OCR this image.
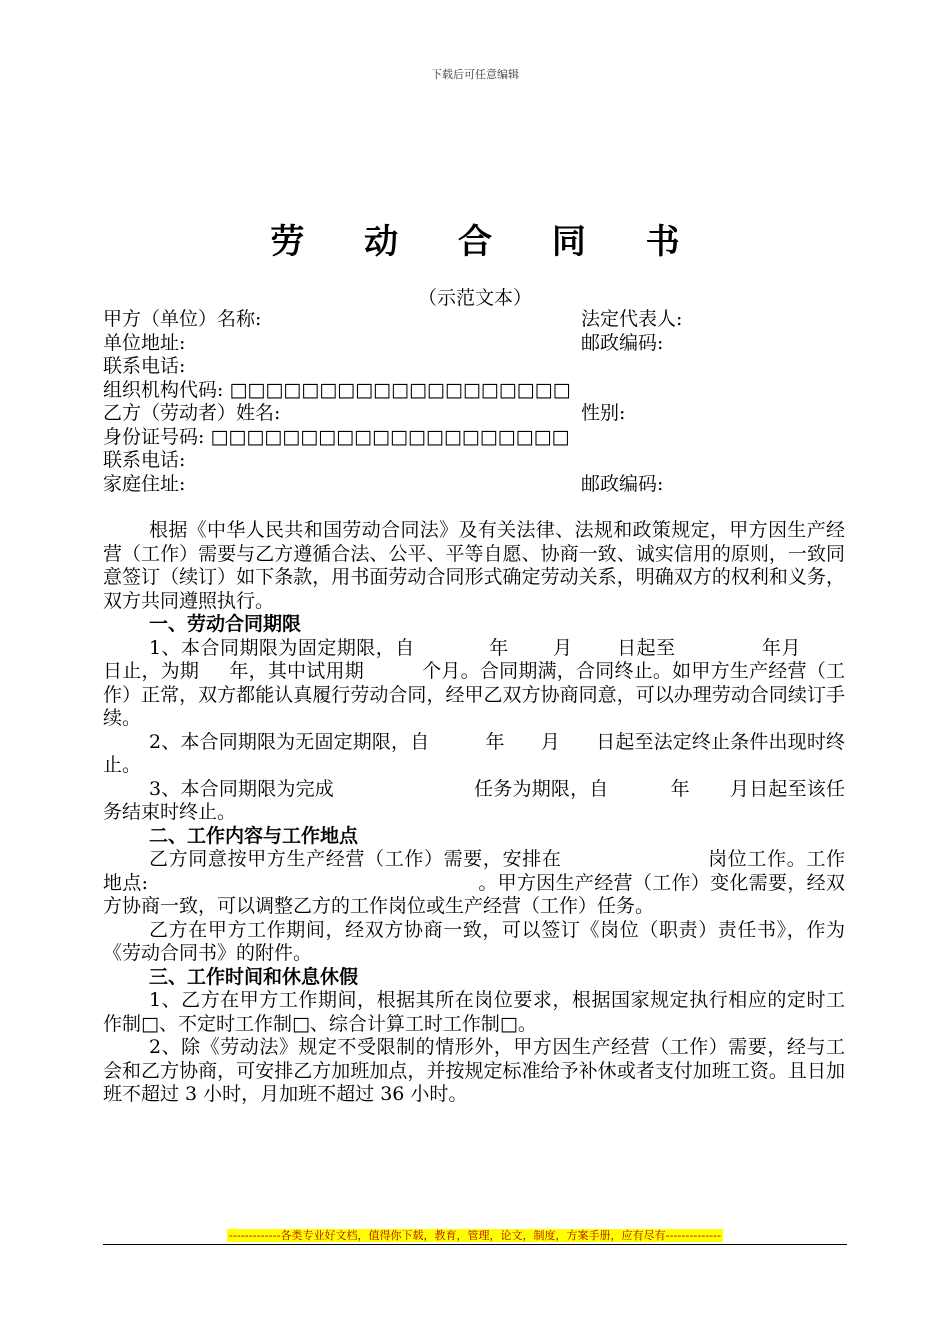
下载后可任意编辑
劳 动 合 同 书
（示范文本）
甲方（单位）名称:	法定代表人:
单位地址:	邮政编码:
联系电话:
组织机构代码: □□□□□□□□□□□□□□□□□□□
乙方（劳动者）姓名:	性别:
身份证号码: □□□□□□□□□□□□□□□□□□□□
联系电话:
家庭住址:	邮政编码:
根据《中华人民共和国劳动合同法》及有关法律、法规和政策规定，甲方因生产经营（工作）需要与乙方遵循合法、公平、平等自愿、协商一致、诚实信用的原则，一致同意签订（续订）如下条款，用书面劳动合同形式确定劳动关系，明确双方的权利和义务，双方共同遵照执行。
一、劳动合同期限
1、本合同期限为固定期限，自	年 月 日起至	年月日止，为期 年，其中试用期	个月。合同期满，合同终止。如甲方生产经营（工作）正常，双方都能认真履行劳动合同，经甲乙双方协商同意，可以办理劳动合同续订手续。
2、本合同期限为无固定期限，自	年 月 日起至法定终止条件出现时终止。
3、本合同期限为完成	任务为期限，自	年 月日起至该任务结束时终止。
二、工作内容与工作地点
乙方同意按甲方生产经营（工作）需要，安排在	岗位工作。工作地点:	。甲方因生产经营（工作）变化需要，经双方协商一致，可以调整乙方的工作岗位或生产经营（工作）任务。
乙方在甲方工作期间，经双方协商一致，可以签订《岗位（职责）责任书》，作为《劳动合同书》的附件。
三、工作时间和休息休假
1、乙方在甲方工作期间，根据其所在岗位要求，根据国家规定执行相应的定时工作制□、不定时工作制□、综合计算工时工作制□。
2、除《劳动法》规定不受限制的情形外，甲方因生产经营（工作）需要，经与工会和乙方协商，可安排乙方加班加点，并按规定标准给予补休或者支付加班工资。且日加班不超过 3 小时，月加班不超过 36 小时。
-------------各类专业好文档，值得你下载，教育，管理，论文，制度，方案手册，应有尽有--------------
